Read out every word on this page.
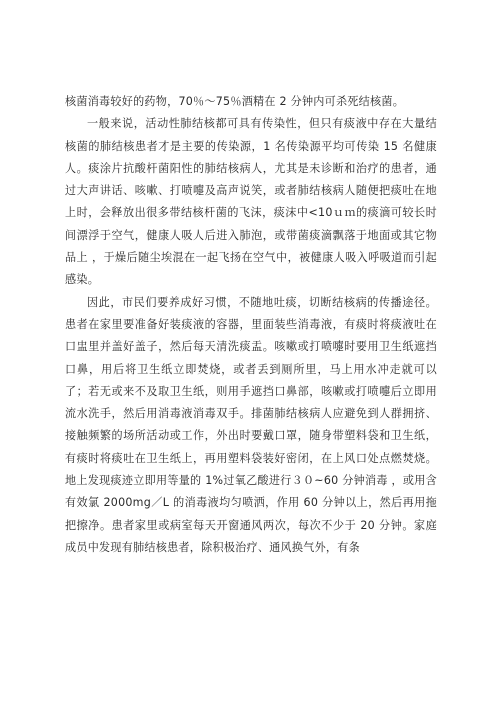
核菌消毒较好的药物，70％～75％酒精在 2 分钟内可杀死结核菌。

一般来说，活动性肺结核都可具有传染性，但只有痰液中存在大量结核菌的肺结核患者才是主要的传染源，1 名传染源平均可传染 15 名健康人。痰涂片抗酸杆菌阳性的肺结核病人，尤其是未诊断和治疗的患者，通过大声讲话、咳嗽、打喷嚏及高声说笑，或者肺结核病人随便把痰吐在地上时，会释放出很多带结核杆菌的飞沫，痰沫中<10ｕｍ的痰滴可较长时间漂浮于空气，健康人吸人后进入肺泡，或带菌痰滴飘落于地面或其它物品上 ，于燥后随尘埃混在一起飞扬在空气中，被健康人吸入呼吸道而引起感染。

因此，市民们要养成好习惯，不随地吐痰，切断结核病的传播途径。患者在家里要准备好装痰液的容器，里面装些消毒液，有痰时将痰液吐在口盅里并盖好盖子，然后每天清洗痰盂。咳嗽或打喷嚏时要用卫生纸遮挡口鼻，用后将卫生纸立即焚烧，或者丢到厕所里，马上用水冲走就可以了；若无或来不及取卫生纸，则用手遮挡口鼻部，咳嗽或打喷嚏后立即用流水洗手，然后用消毒液消毒双手。排菌肺结核病人应避免到人群拥挤、接触频繁的场所活动或工作，外出时要戴口罩，随身带塑料袋和卫生纸，有痰时将痰吐在卫生纸上，再用塑料袋装好密闭，在上风口处点燃焚烧。地上发现痰迹立即用等量的 1%过氧乙酸进行３０~60 分钟消毒 ，或用含有效氯 2000mg／L 的消毒液均匀喷洒，作用 60 分钟以上，然后再用拖把擦净。患者家里或病室每天开窗通风两次，每次不少于 20 分钟。家庭成员中发现有肺结核患者，除积极治疗、通风换气外，有条
